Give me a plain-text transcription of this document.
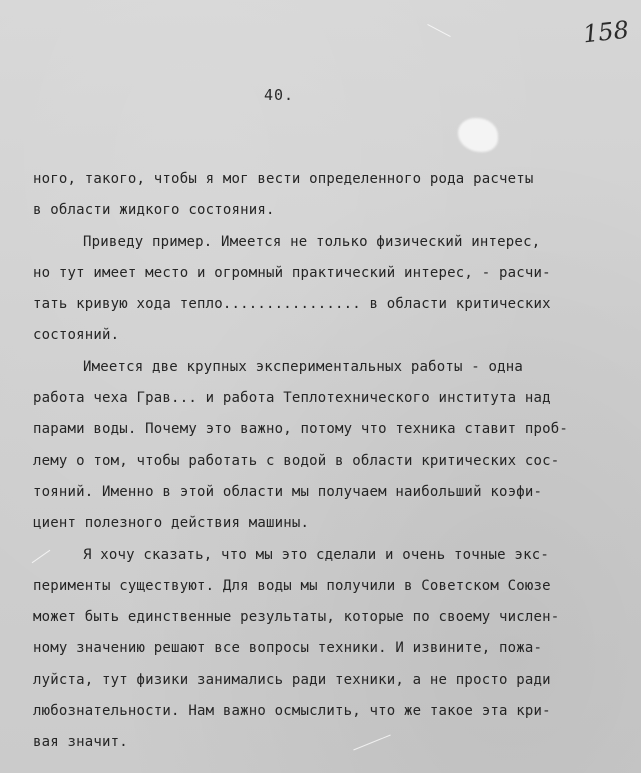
158
40.
ного, такого, чтобы я мог вести определенного рода расчеты
в области жидкого состояния.
Приведу пример. Имеется не только физический интерес,
но тут имеет место и огромный практический интерес, - расчи-
тать кривую хода тепло................ в области критических
состояний.
Имеется две крупных экспериментальных работы - одна
работа чеха Грав... и работа Теплотехнического института над
парами воды. Почему это важно, потому что техника ставит проб-
лему о том, чтобы работать с водой в области критических сос-
тояний. Именно в этой области мы получаем наибольший коэфи-
циент полезного действия машины.
Я хочу сказать, что мы это сделали и очень точные экс-
перименты существуют. Для воды мы получили в Советском Союзе
может быть единственные результаты, которые по своему числен-
ному значению решают все вопросы техники. И извините, пожа-
луйста, тут физики занимались ради техники, а не просто ради
любознательности. Нам важно осмыслить, что же такое эта кри-
вая значит.
